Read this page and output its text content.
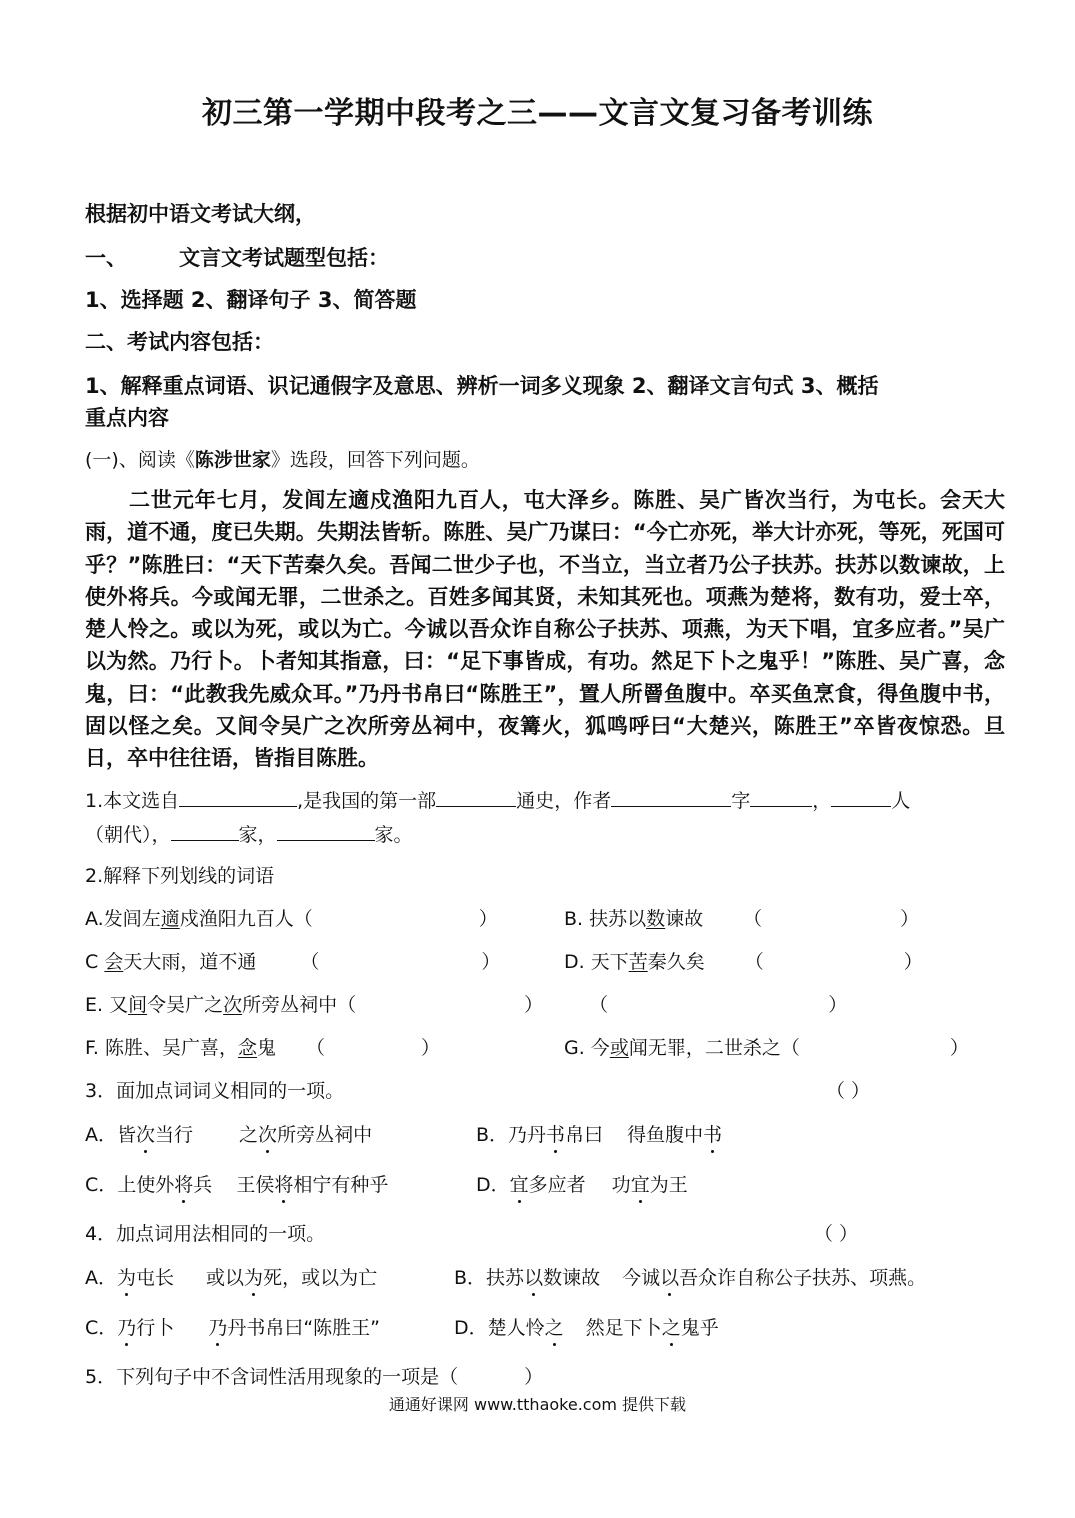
初三第一学期中段考之三——文言文复习备考训练
根据初中语文考试大纲，
一、 文言文考试题型包括：
1、选择题 2、翻译句子 3、简答题
二、考试内容包括：
1、解释重点词语、识记通假字及意思、辨析一词多义现象 2、翻译文言句式 3、概括
重点内容
(一)、阅读《陈涉世家》选段，回答下列问题。
二世元年七月，发闾左適戍渔阳九百人，屯大泽乡。陈胜、吴广皆次当行，为屯长。会天大雨，道不通，度已失期。失期法皆斩。陈胜、吴广乃谋曰：“今亡亦死，举大计亦死，等死，死国可乎？”陈胜曰：“天下苦秦久矣。吾闻二世少子也，不当立，当立者乃公子扶苏。扶苏以数谏故，上使外将兵。今或闻无罪，二世杀之。百姓多闻其贤，未知其死也。项燕为楚将，数有功，爱士卒，楚人怜之。或以为死，或以为亡。今诚以吾众诈自称公子扶苏、项燕，为天下唱，宜多应者。”吴广以为然。乃行卜。卜者知其指意，曰：“足下事皆成，有功。然足下卜之鬼乎！”陈胜、吴广喜，念鬼，曰：“此教我先威众耳。”乃丹书帛曰“陈胜王”，置人所罾鱼腹中。卒买鱼烹食，得鱼腹中书，固以怪之矣。又间令吴广之次所旁丛祠中，夜篝火，狐鸣呼曰“大楚兴，陈胜王”卒皆夜惊恐。旦日，卒中往往语，皆指目陈胜。
1.本文选自	,是我国的第一部	通史，作者	字	，	人
（朝代），	家，	家。
2.解释下列划线的词语
A.发闾左適戍渔阳九百人（	）	B. 扶苏以数谏故 （	）
C 会天大雨，道不通 （	）	D. 天下苦秦久矣 （	）
E. 又间令吴广之次所旁丛祠中（	） （	）
F. 陈胜、吴广喜，念鬼 （	）	G. 今或闻无罪，二世杀之（	）
3．面加点词词义相同的一项。	（ ）
A．皆次当行 之次所旁丛祠中	B．乃丹书帛曰 得鱼腹中书
C．上使外将兵 王侯将相宁有种乎	D．宜多应者 功宜为王
4．加点词用法相同的一项。	（ ）
A．为屯长 或以为死，或以为亡	B．扶苏以数谏故 今诚以吾众诈自称公子扶苏、项燕。
C．乃行卜 乃丹书帛曰“陈胜王”	D．楚人怜之 然足下卜之鬼乎
5．下列句子中不含词性活用现象的一项是（	）
通通好课网 www.tthaoke.com 提供下载
